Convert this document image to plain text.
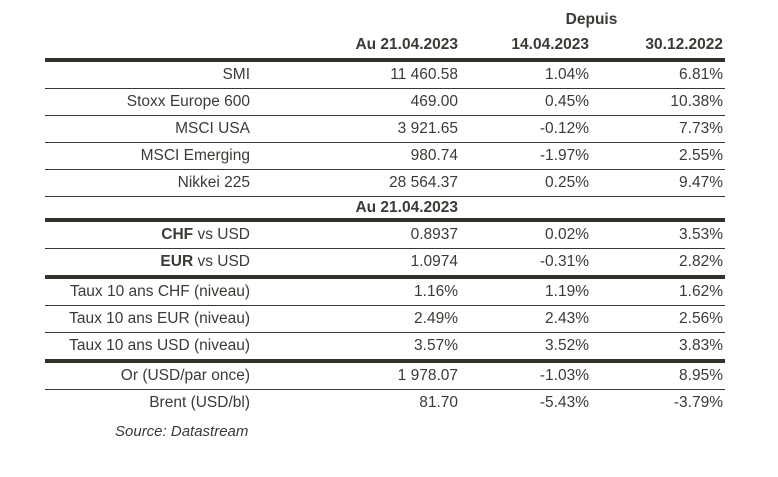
		Depuis	
	Au 21.04.2023	14.04.2023	30.12.2022
SMI	11 460.58	1.04%	6.81%
Stoxx Europe 600	469.00	0.45%	10.38%
MSCI USA	3 921.65	-0.12%	7.73%
MSCI Emerging	980.74	-1.97%	2.55%
Nikkei 225	28 564.37	0.25%	9.47%
	Au 21.04.2023		
CHF vs USD	0.8937	0.02%	3.53%
EUR vs USD	1.0974	-0.31%	2.82%
Taux 10 ans CHF (niveau)	1.16%	1.19%	1.62%
Taux 10 ans EUR (niveau)	2.49%	2.43%	2.56%
Taux 10 ans USD (niveau)	3.57%	3.52%	3.83%
Or (USD/par once)	1 978.07	-1.03%	8.95%
Brent (USD/bl)	81.70	-5.43%	-3.79%
Source: Datastream
